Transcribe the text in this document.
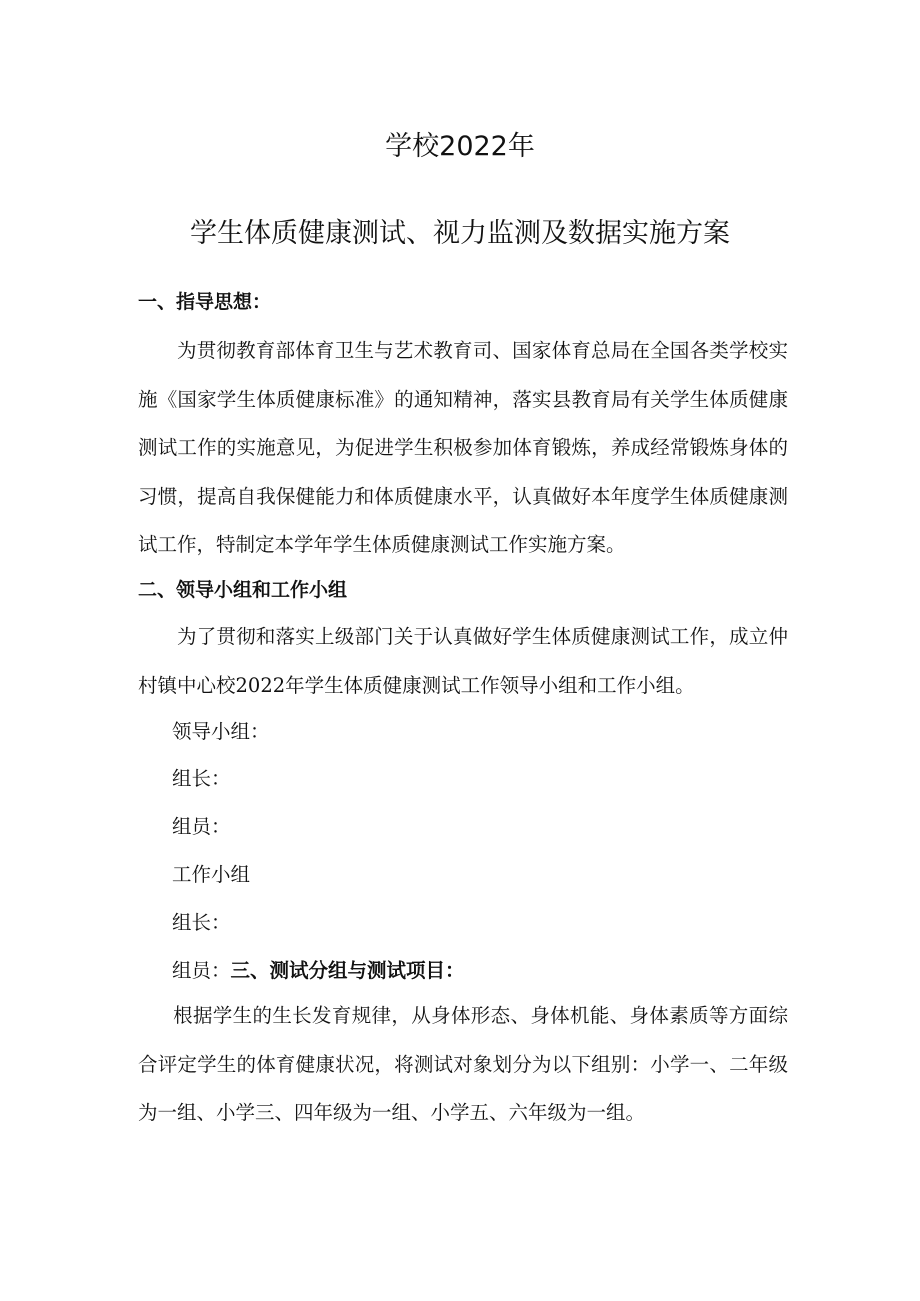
学校2022年
学生体质健康测试、视力监测及数据实施方案
一、指导思想：
为贯彻教育部体育卫生与艺术教育司、国家体育总局在全国各类学校实施《国家学生体质健康标准》的通知精神，落实县教育局有关学生体质健康测试工作的实施意见，为促进学生积极参加体育锻炼，养成经常锻炼身体的习惯，提高自我保健能力和体质健康水平，认真做好本年度学生体质健康测试工作，特制定本学年学生体质健康测试工作实施方案。
二、领导小组和工作小组
为了贯彻和落实上级部门关于认真做好学生体质健康测试工作，成立仲村镇中心校2022年学生体质健康测试工作领导小组和工作小组。
领导小组：
组长：
组员：
工作小组
组长：
组员：三、测试分组与测试项目：
根据学生的生长发育规律，从身体形态、身体机能、身体素质等方面综合评定学生的体育健康状况，将测试对象划分为以下组别：小学一、二年级为一组、小学三、四年级为一组、小学五、六年级为一组。
